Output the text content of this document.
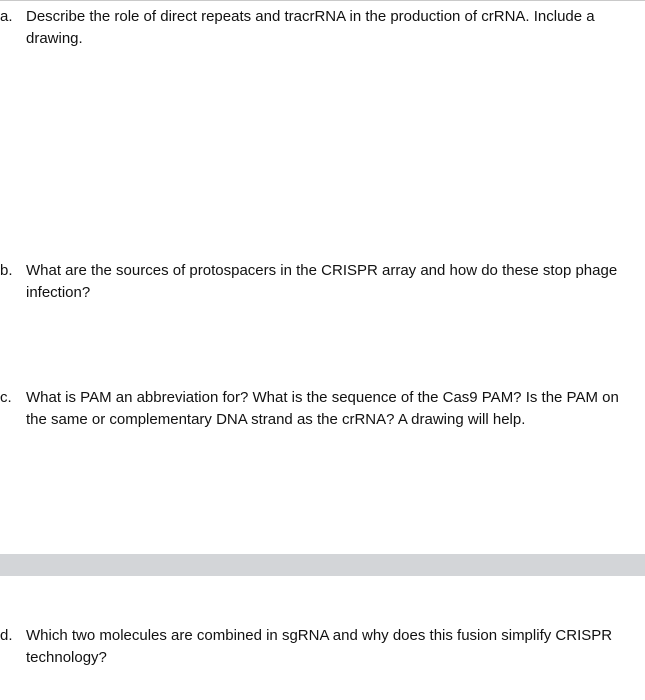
a. Describe the role of direct repeats and tracrRNA in the production of crRNA. Include a drawing.
b. What are the sources of protospacers in the CRISPR array and how do these stop phage infection?
c. What is PAM an abbreviation for? What is the sequence of the Cas9 PAM? Is the PAM on the same or complementary DNA strand as the crRNA? A drawing will help.
d. Which two molecules are combined in sgRNA and why does this fusion simplify CRISPR technology?
